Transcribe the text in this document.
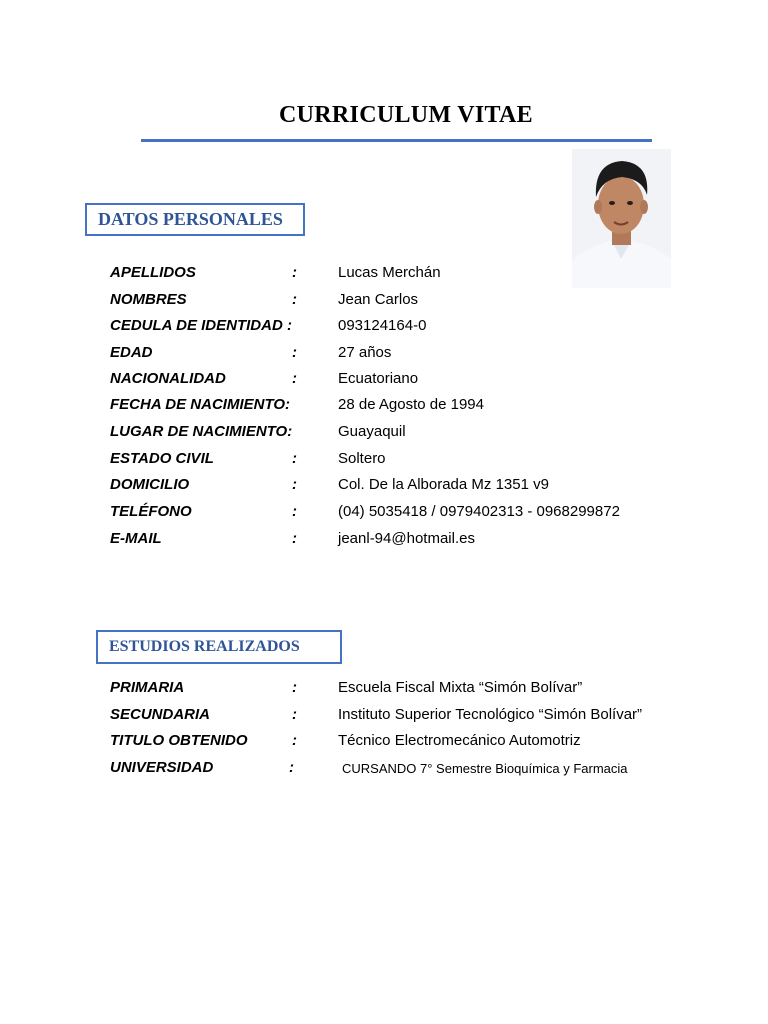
CURRICULUM VITAE
DATOS PERSONALES
APELLIDOS	:	Lucas Merchán
NOMBRES	:	Jean Carlos
CEDULA DE IDENTIDAD :	093124164-0
EDAD	:	27 años
NACIONALIDAD	:	Ecuatoriano
FECHA DE NACIMIENTO:	28 de Agosto de 1994
LUGAR DE NACIMIENTO:	Guayaquil
ESTADO CIVIL	:	Soltero
DOMICILIO	:	Col. De la Alborada Mz 1351 v9
TELÉFONO	:	(04) 5035418 / 0979402313 - 0968299872
E-MAIL	:	jeanl-94@hotmail.es
ESTUDIOS REALIZADOS
PRIMARIA	:	Escuela Fiscal Mixta “Simón Bolívar”
SECUNDARIA	:	Instituto Superior Tecnológico “Simón Bolívar”
TITULO OBTENIDO	:	Técnico Electromecánico Automotriz
UNIVERSIDAD	:	CURSANDO 7° Semestre Bioquímica y Farmacia
